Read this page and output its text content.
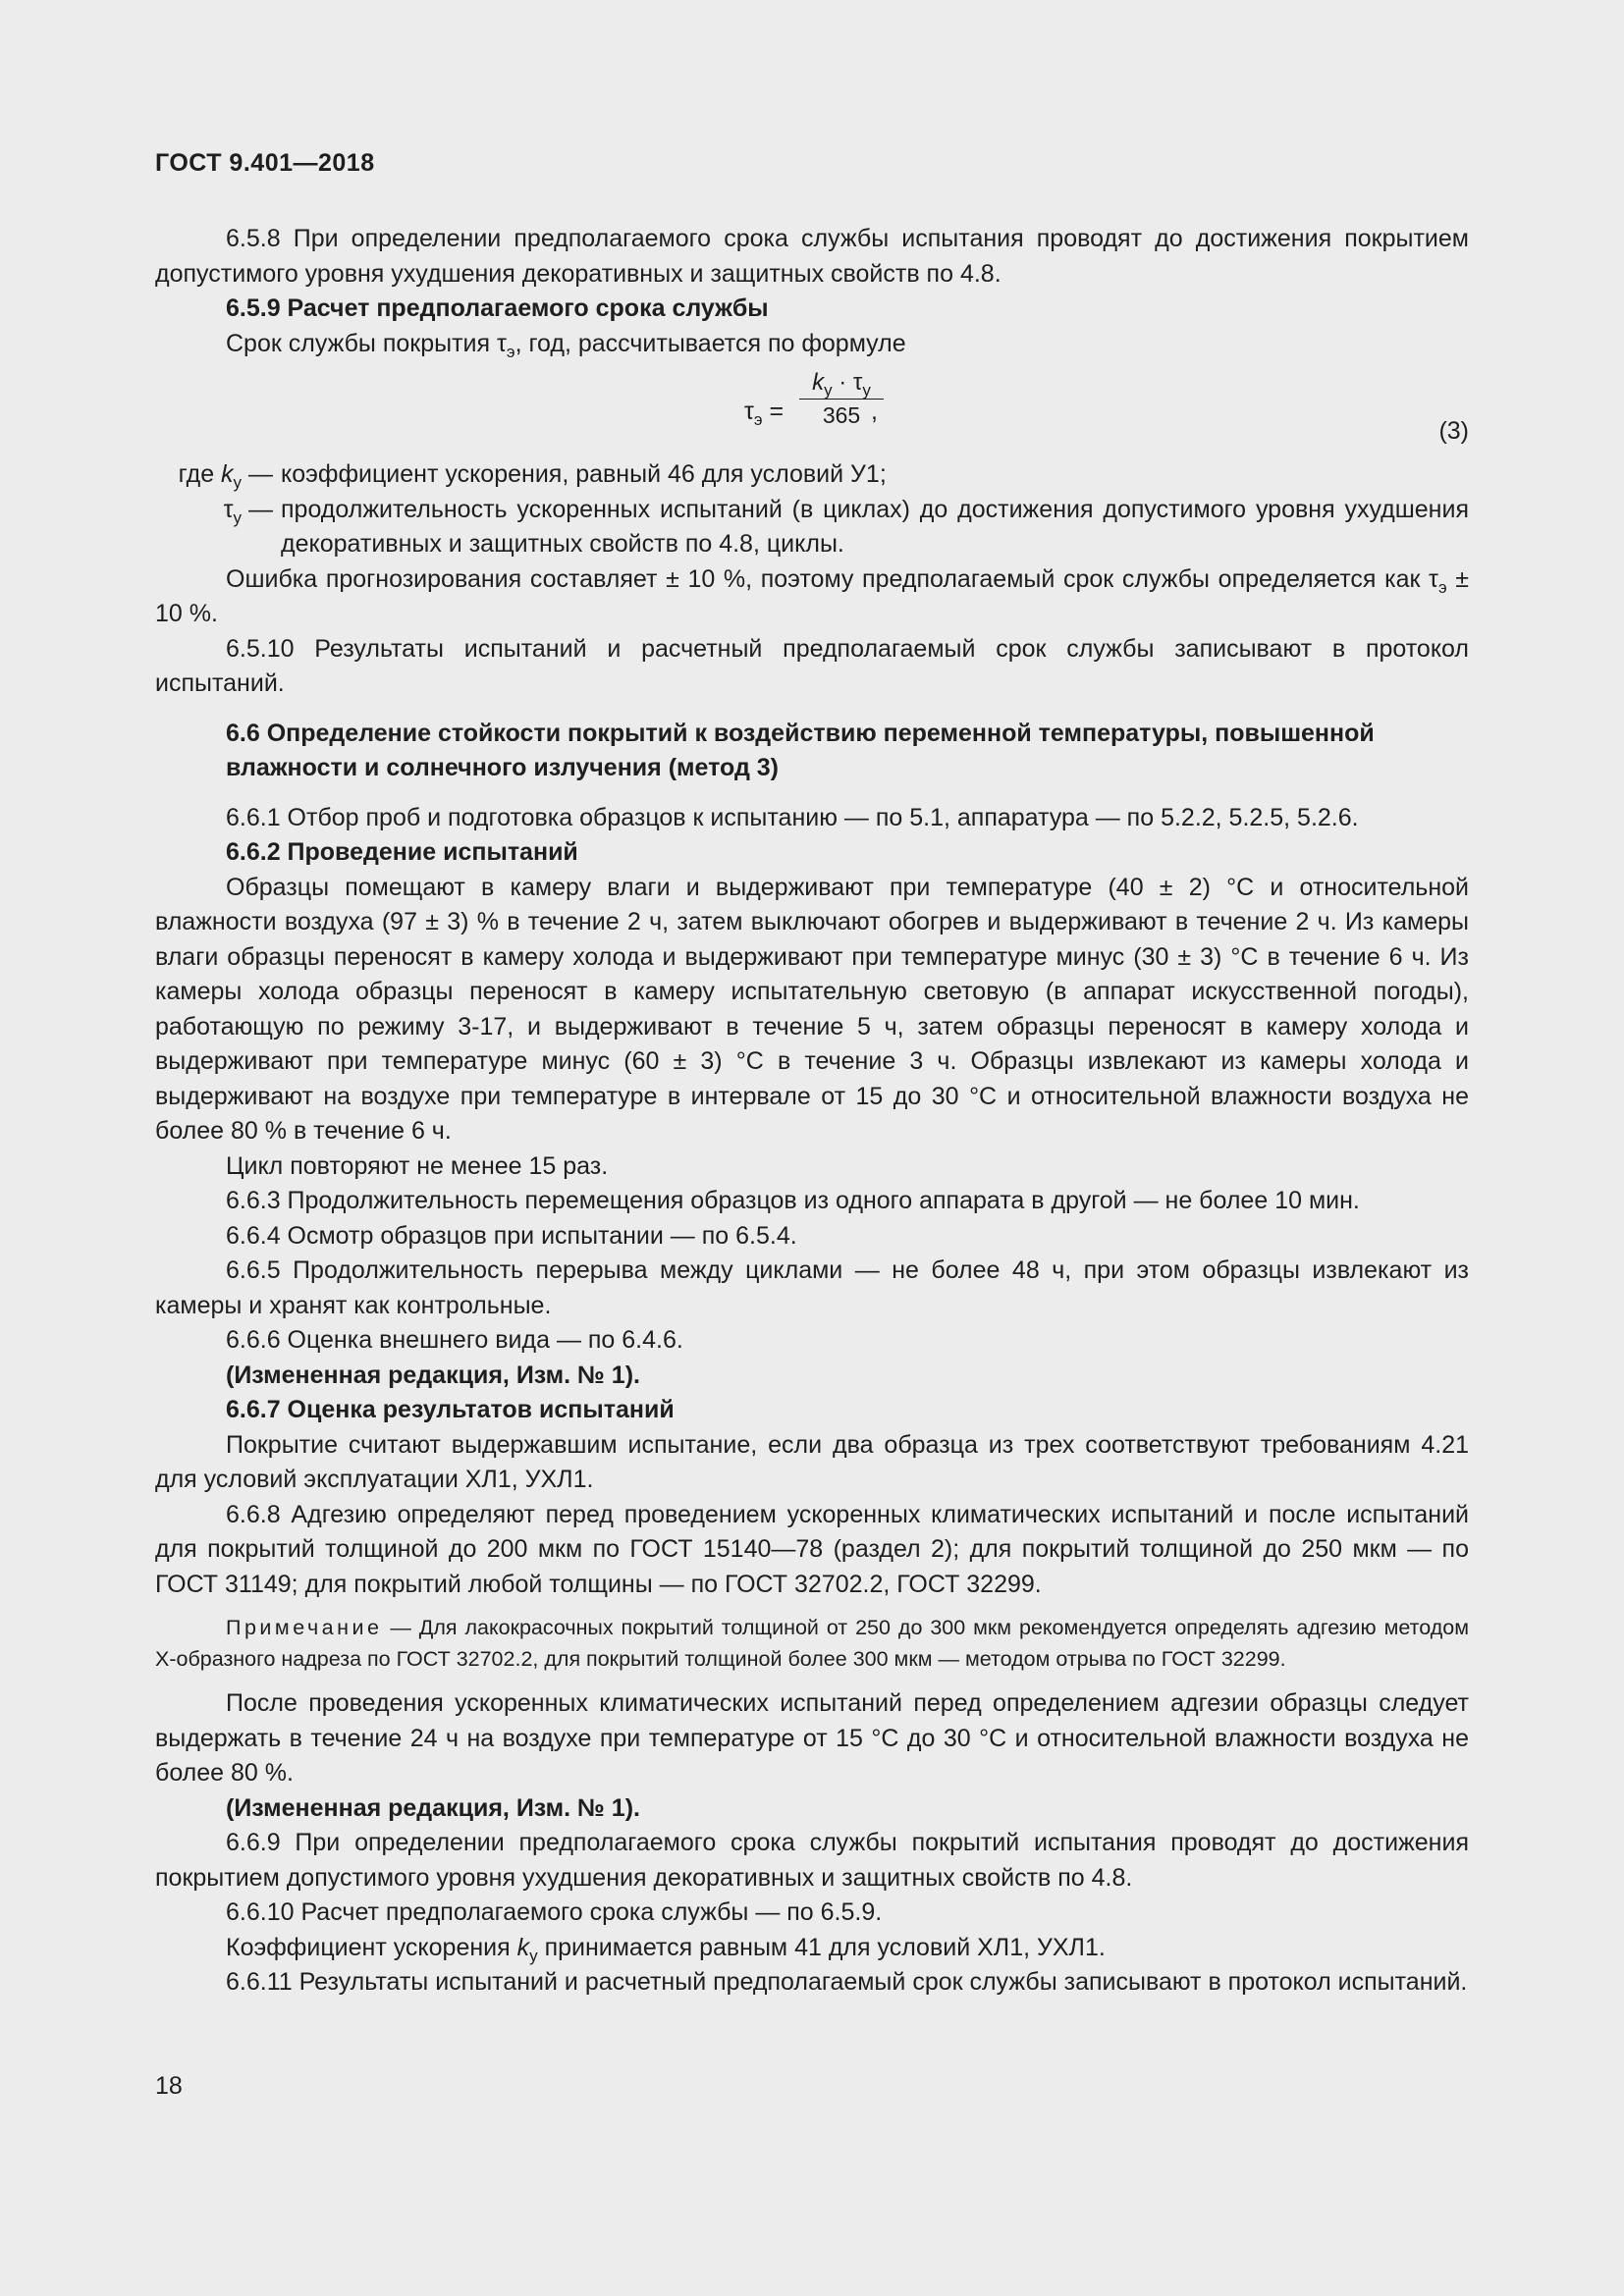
ГОСТ 9.401—2018

6.5.8 При определении предполагаемого срока службы испытания проводят до достижения покрытием допустимого уровня ухудшения декоративных и защитных свойств по 4.8.

6.5.9 Расчет предполагаемого срока службы

Срок службы покрытия $\tau_э$, год, рассчитывается по формуле

$\tau_э$ =
$k_у \cdot \tau_у$
365 ,
(3)
где $k_у$ — коэффициент ускорения, равный 46 для условий У1;
$\tau_у$ — продолжительность ускоренных испытаний (в циклах) до достижения допустимого уровня ухудшения декоративных и защитных свойств по 4.8, циклы.

Ошибка прогнозирования составляет ± 10 %, поэтому предполагаемый срок службы определяется как $\tau_э \pm 10$ %.

6.5.10 Результаты испытаний и расчетный предполагаемый срок службы записывают в протокол испытаний.

6.6 Определение стойкости покрытий к воздействию переменной температуры, повышенной влажности и солнечного излучения (метод 3)

6.6.1 Отбор проб и подготовка образцов к испытанию — по 5.1, аппаратура — по 5.2.2, 5.2.5, 5.2.6.

6.6.2 Проведение испытаний

Образцы помещают в камеру влаги и выдерживают при температуре (40 ± 2) °С и относительной влажности воздуха (97 ± 3) % в течение 2 ч, затем выключают обогрев и выдерживают в течение 2 ч. Из камеры влаги образцы переносят в камеру холода и выдерживают при температуре минус (30 ± 3) °С в течение 6 ч. Из камеры холода образцы переносят в камеру испытательную световую (в аппарат искусственной погоды), работающую по режиму 3-17, и выдерживают в течение 5 ч, затем образцы переносят в камеру холода и выдерживают при температуре минус (60 ± 3) °С в течение 3 ч. Образцы извлекают из камеры холода и выдерживают на воздухе при температуре в интервале от 15 до 30 °С и относительной влажности воздуха не более 80 % в течение 6 ч.

Цикл повторяют не менее 15 раз.

6.6.3 Продолжительность перемещения образцов из одного аппарата в другой — не более 10 мин.

6.6.4 Осмотр образцов при испытании — по 6.5.4.

6.6.5 Продолжительность перерыва между циклами — не более 48 ч, при этом образцы извлекают из камеры и хранят как контрольные.

6.6.6 Оценка внешнего вида — по 6.4.6.

(Измененная редакция, Изм. № 1).

6.6.7 Оценка результатов испытаний

Покрытие считают выдержавшим испытание, если два образца из трех соответствуют требованиям 4.21 для условий эксплуатации ХЛ1, УХЛ1.

6.6.8 Адгезию определяют перед проведением ускоренных климатических испытаний и после испытаний для покрытий толщиной до 200 мкм по ГОСТ 15140—78 (раздел 2); для покрытий толщиной до 250 мкм — по ГОСТ 31149; для покрытий любой толщины — по ГОСТ 32702.2, ГОСТ 32299.

Примечание — Для лакокрасочных покрытий толщиной от 250 до 300 мкм рекомендуется определять адгезию методом Х-образного надреза по ГОСТ 32702.2, для покрытий толщиной более 300 мкм — методом отрыва по ГОСТ 32299.

После проведения ускоренных климатических испытаний перед определением адгезии образцы следует выдержать в течение 24 ч на воздухе при температуре от 15 °С до 30 °С и относительной влажности воздуха не более 80 %.

(Измененная редакция, Изм. № 1).

6.6.9 При определении предполагаемого срока службы покрытий испытания проводят до достижения покрытием допустимого уровня ухудшения декоративных и защитных свойств по 4.8.

6.6.10 Расчет предполагаемого срока службы — по 6.5.9.

Коэффициент ускорения $k_у$ принимается равным 41 для условий ХЛ1, УХЛ1.

6.6.11 Результаты испытаний и расчетный предполагаемый срок службы записывают в протокол испытаний.

18
